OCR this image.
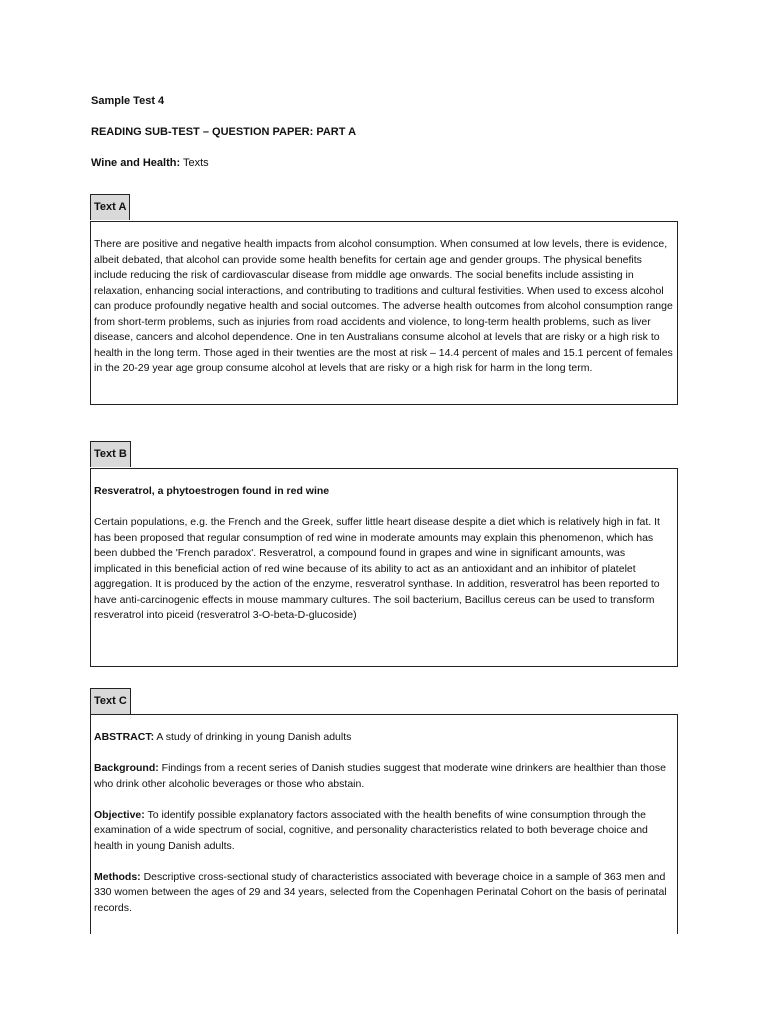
Sample Test 4

READING SUB-TEST – QUESTION PAPER: PART A

Wine and Health: Texts

Text A

There are positive and negative health impacts from alcohol consumption. When consumed at low levels, there is evidence, albeit debated, that alcohol can provide some health benefits for certain age and gender groups. The physical benefits include reducing the risk of cardiovascular disease from middle age onwards. The social benefits include assisting in relaxation, enhancing social interactions, and contributing to traditions and cultural festivities. When used to excess alcohol can produce profoundly negative health and social outcomes. The adverse health outcomes from alcohol consumption range from short-term problems, such as injuries from road accidents and violence, to long-term health problems, such as liver disease, cancers and alcohol dependence. One in ten Australians consume alcohol at levels that are risky or a high risk to health in the long term. Those aged in their twenties are the most at risk – 14.4 percent of males and 15.1 percent of females in the 20-29 year age group consume alcohol at levels that are risky or a high risk for harm in the long term.

Text B

Resveratrol, a phytoestrogen found in red wine

Certain populations, e.g. the French and the Greek, suffer little heart disease despite a diet which is relatively high in fat. It has been proposed that regular consumption of red wine in moderate amounts may explain this phenomenon, which has been dubbed the 'French paradox'. Resveratrol, a compound found in grapes and wine in significant amounts, was implicated in this beneficial action of red wine because of its ability to act as an antioxidant and an inhibitor of platelet aggregation. It is produced by the action of the enzyme, resveratrol synthase. In addition, resveratrol has been reported to have anti-carcinogenic effects in mouse mammary cultures. The soil bacterium, Bacillus cereus can be used to transform resveratrol into piceid (resveratrol 3-O-beta-D-glucoside)

Text C

ABSTRACT: A study of drinking in young Danish adults

Background: Findings from a recent series of Danish studies suggest that moderate wine drinkers are healthier than those who drink other alcoholic beverages or those who abstain.

Objective: To identify possible explanatory factors associated with the health benefits of wine consumption through the examination of a wide spectrum of social, cognitive, and personality characteristics related to both beverage choice and health in young Danish adults.

Methods: Descriptive cross-sectional study of characteristics associated with beverage choice in a sample of 363 men and 330 women between the ages of 29 and 34 years, selected from the Copenhagen Perinatal Cohort on the basis of perinatal records.
